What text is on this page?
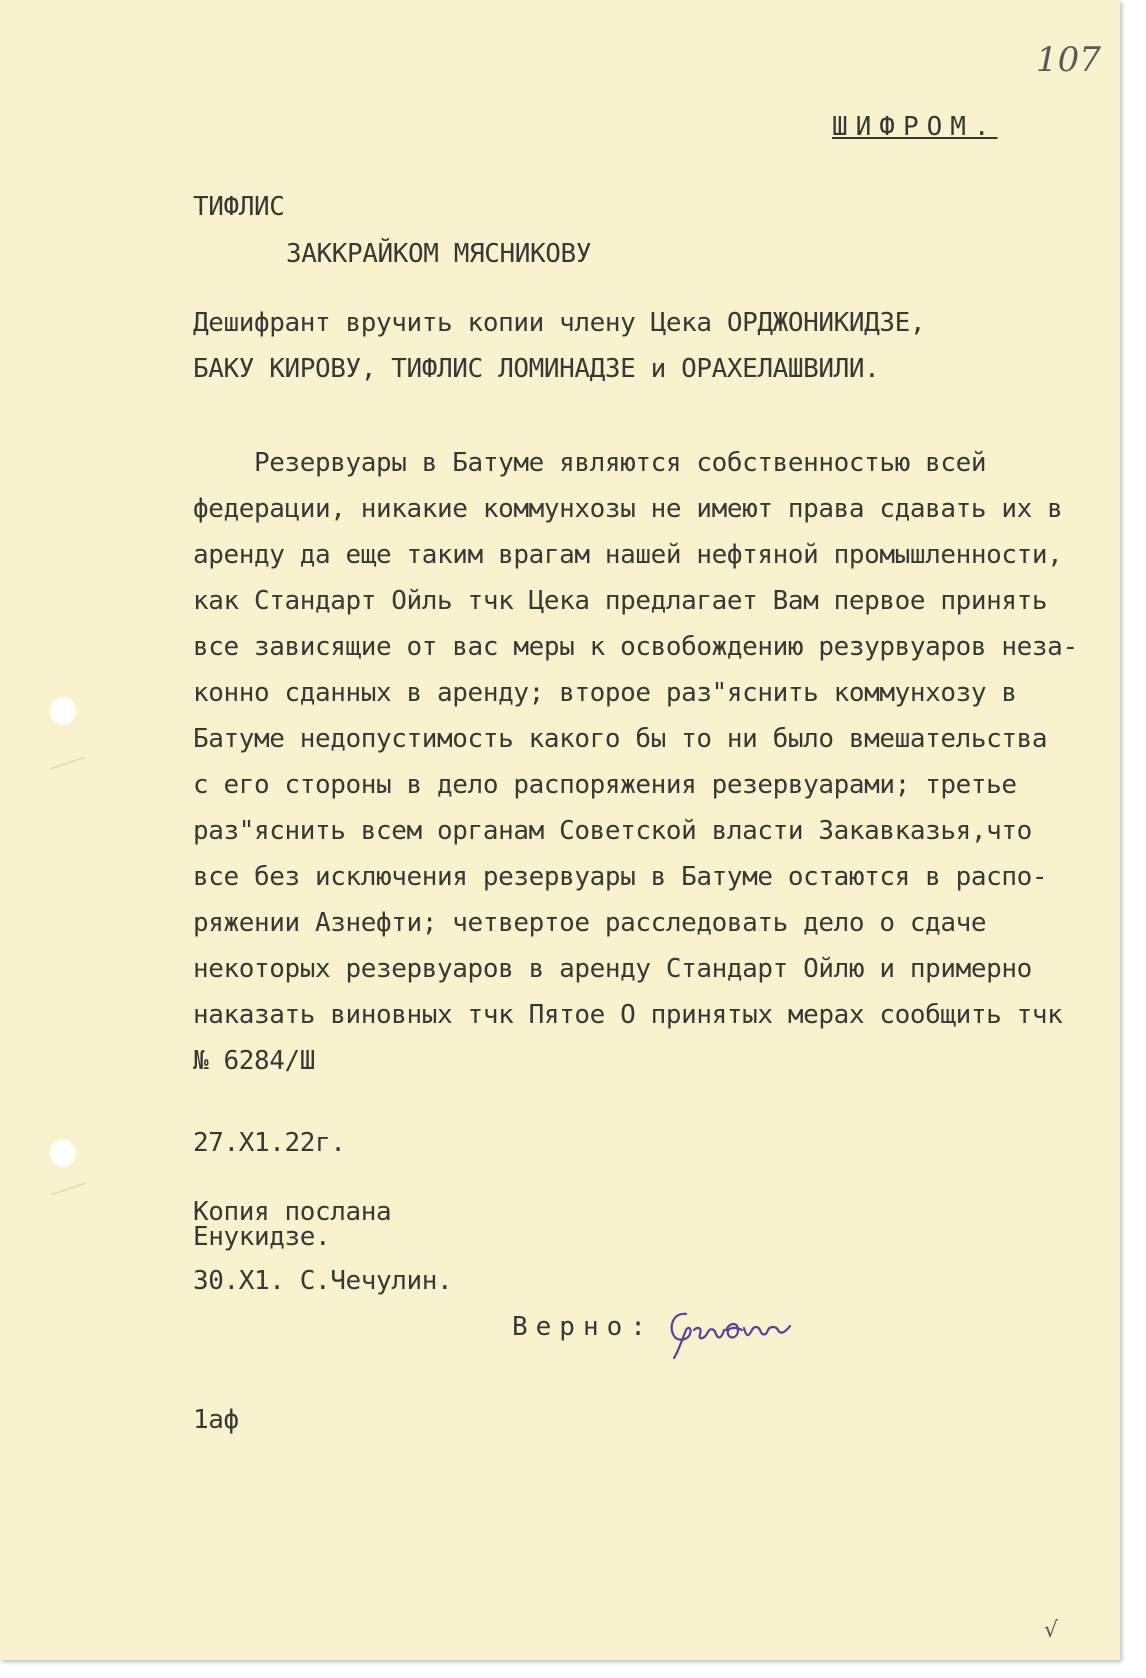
107
ШИФРОМ.
ТИФЛИС
ЗАККРАЙКОМ МЯСНИКОВУ
Дешифрант вручить копии члену Цека ОРДЖОНИКИДЗЕ,
БАКУ КИРОВУ, ТИФЛИС ЛОМИНАДЗЕ и ОРАХЕЛАШВИЛИ.
Резервуары в Батуме являются собственностью всей
федерации, никакие коммунхозы не имеют права сдавать их в
аренду да еще таким врагам нашей нефтяной промышленности,
как Стандарт Ойль тчк Цека предлагает Вам первое принять
все зависящие от вас меры к освобождению резурвуаров неза-
конно сданных в аренду; второе раз"яснить коммунхозу в
Батуме недопустимость какого бы то ни было вмешательства
с его стороны в дело распоряжения резервуарами; третье
раз"яснить всем органам Советской власти Закавказья,что
все без исключения резервуары в Батуме остаются в распо-
ряжении Азнефти; четвертое расследовать дело о сдаче
некоторых резервуаров в аренду Стандарт Ойлю и примерно
наказать виновных тчк Пятое О принятых мерах сообщить тчк
№ 6284/Ш
27.Х1.22г.
Копия послана
Енукидзе.
30.Х1. С.Чечулин.
Верно:
1аф
√
